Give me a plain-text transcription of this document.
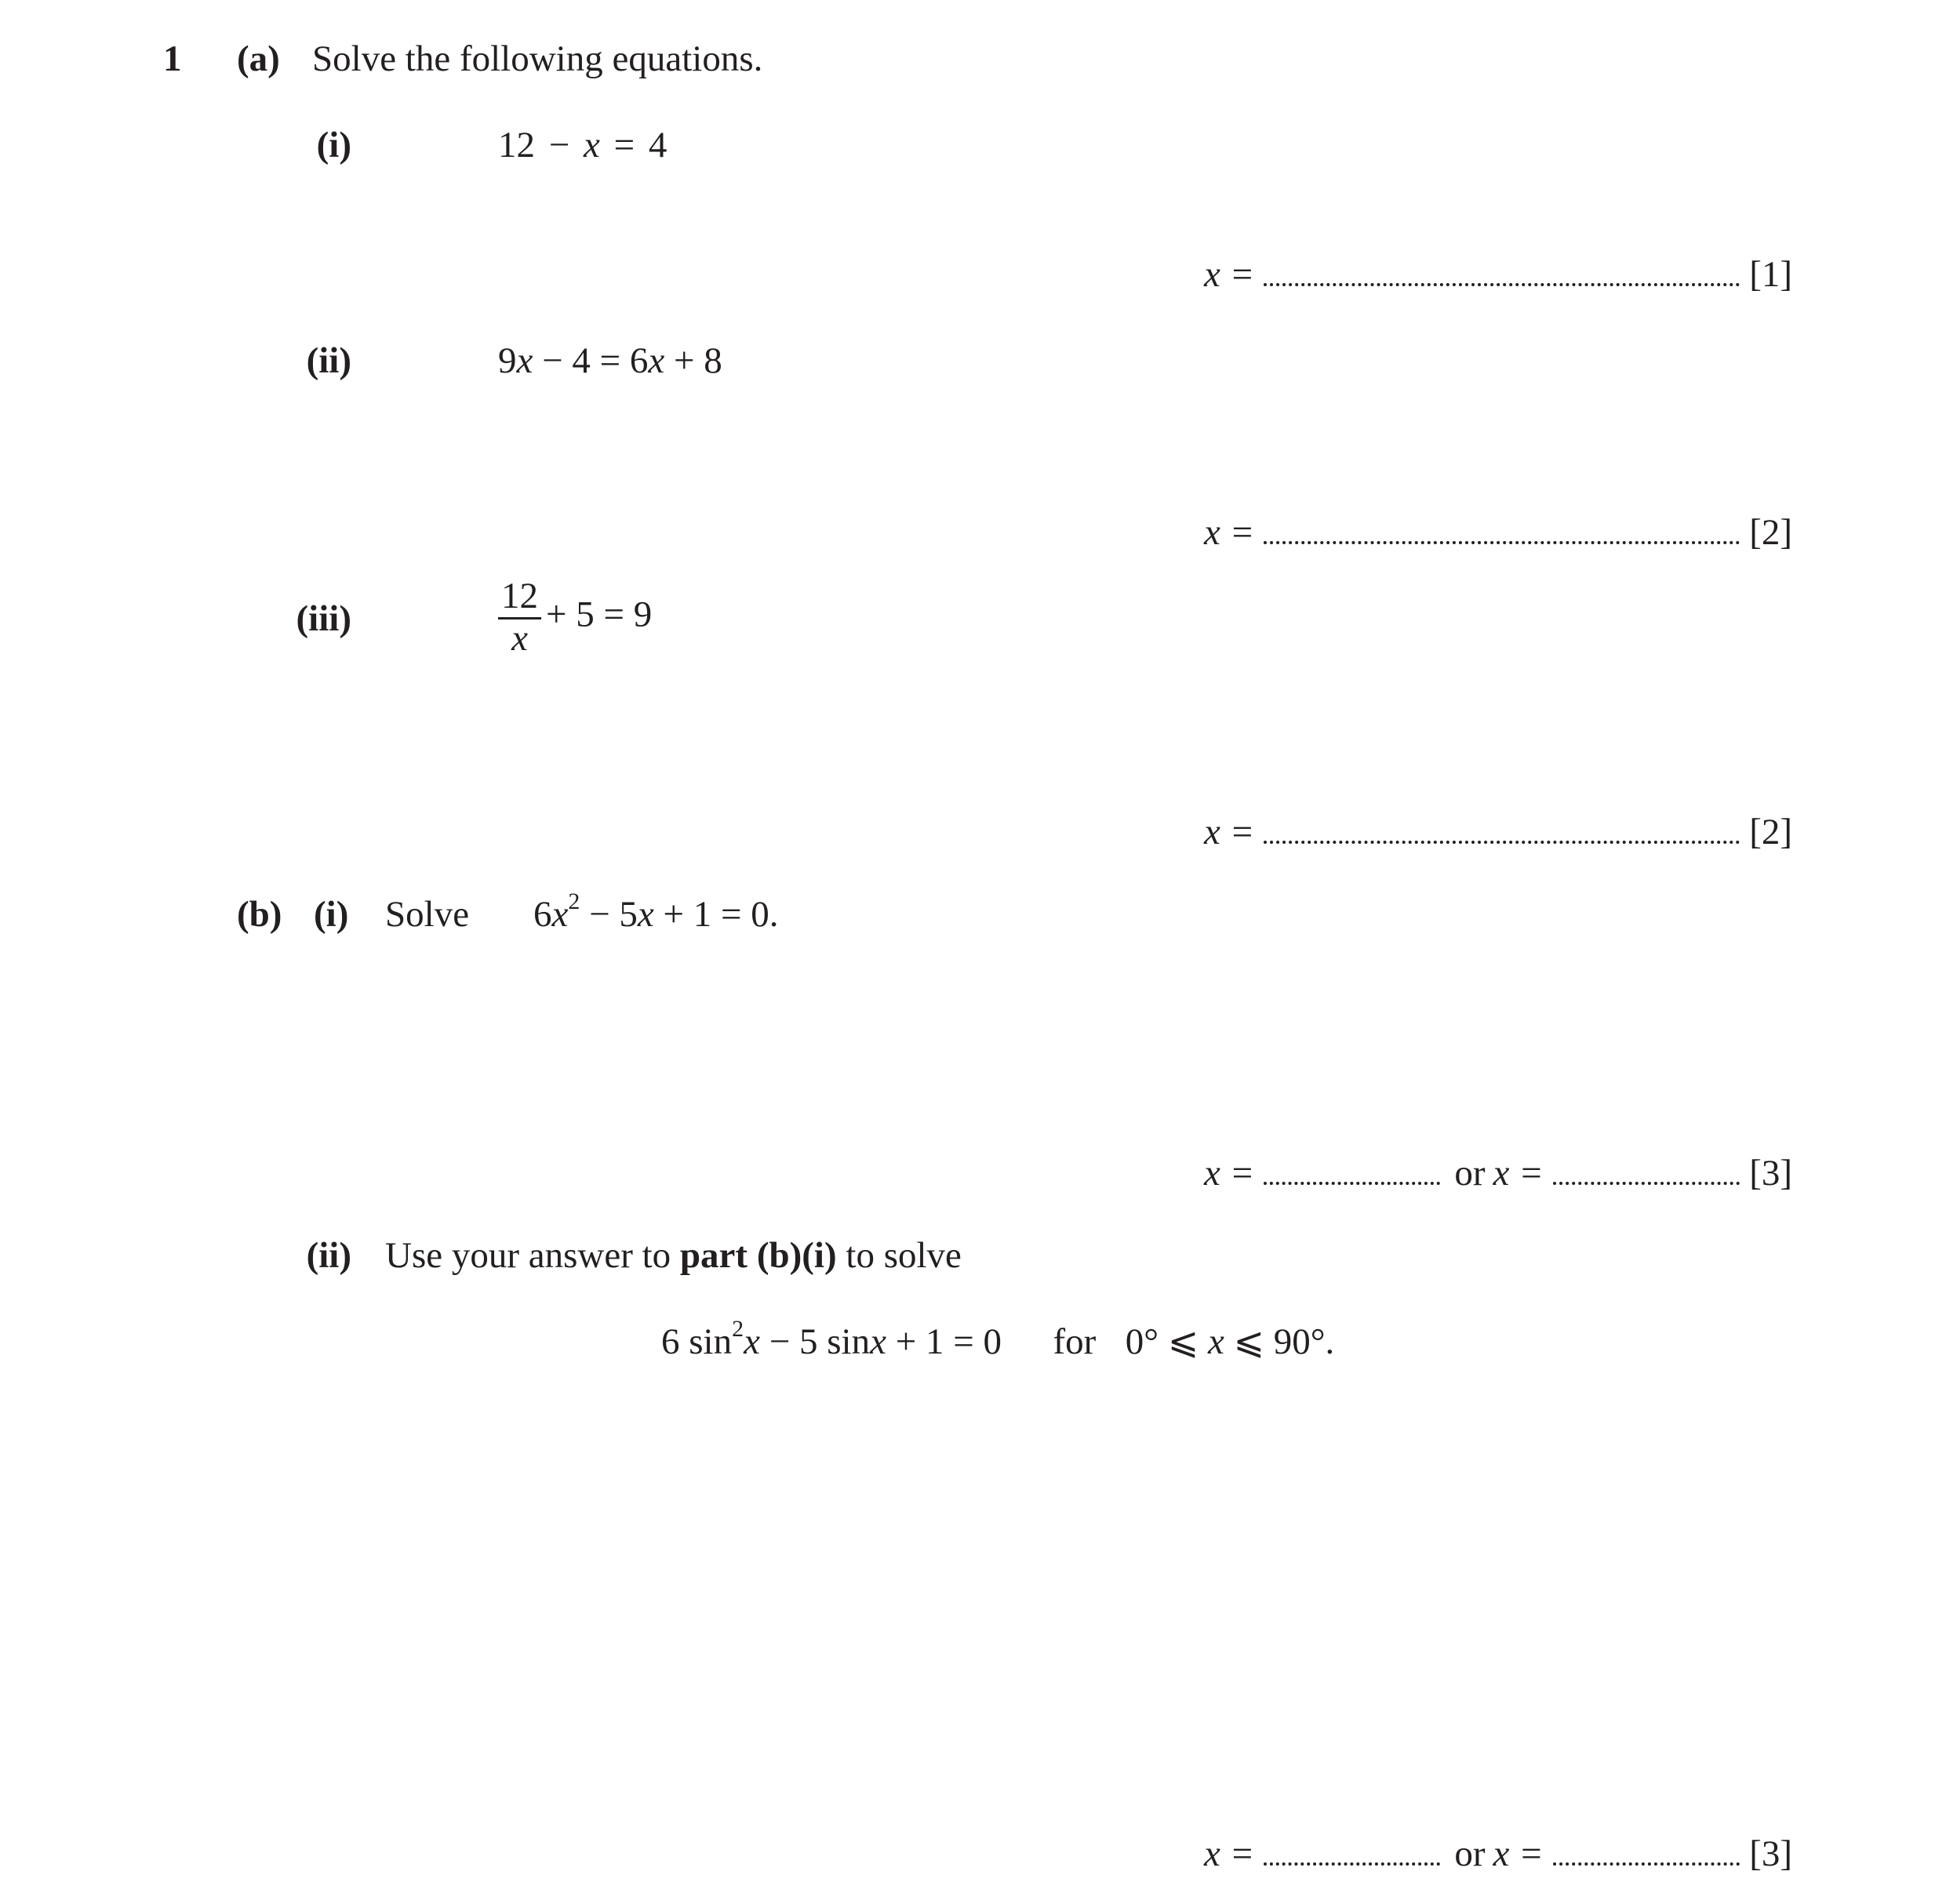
1 (a) Solve the following equations.
(i)	12 − x = 4
x =	[1]
(ii)	9x − 4 = 6x + 8
x =	[2]
(iii)	$\frac{12}{x} + 5 = 9$
x =	[2]
(b) (i) Solve $6x^2 - 5x + 1 = 0$.
x =	or x =	[3]
(ii) Use your answer to part (b)(i) to solve
6 $\sin^2x - 5$ sinx + 1 = 0 for 0° ⩽ x ⩽ 90°.
x =	or x =	[3]
